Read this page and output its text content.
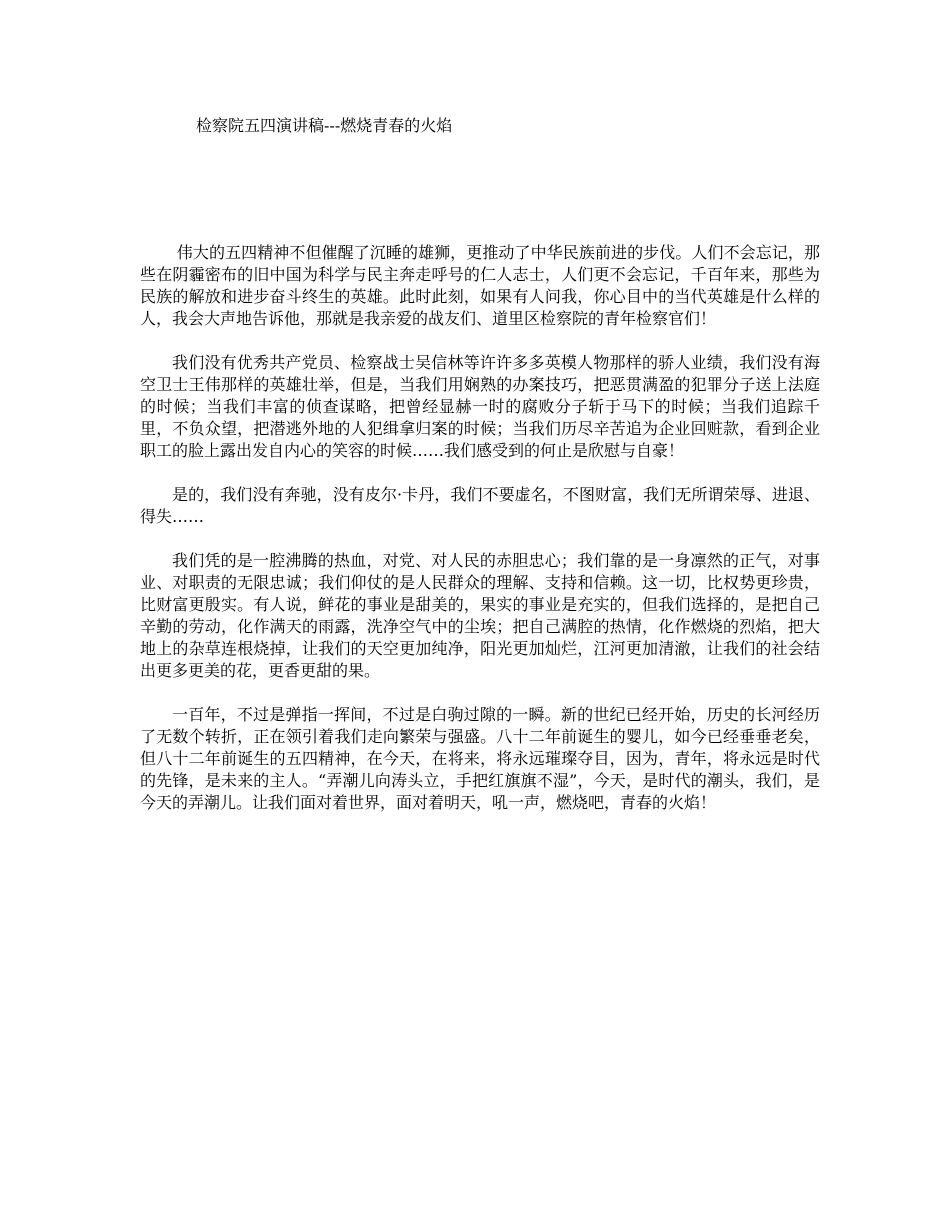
检察院五四演讲稿---燃烧青春的火焰

伟大的五四精神不但催醒了沉睡的雄狮，更推动了中华民族前进的步伐。人们不会忘记，那些在阴霾密布的旧中国为科学与民主奔走呼号的仁人志士，人们更不会忘记，千百年来，那些为民族的解放和进步奋斗终生的英雄。此时此刻，如果有人问我，你心目中的当代英雄是什么样的人，我会大声地告诉他，那就是我亲爱的战友们、道里区检察院的青年检察官们！

我们没有优秀共产党员、检察战士吴信林等许许多多英模人物那样的骄人业绩，我们没有海空卫士王伟那样的英雄壮举，但是，当我们用娴熟的办案技巧，把恶贯满盈的犯罪分子送上法庭的时候；当我们丰富的侦查谋略，把曾经显赫一时的腐败分子斩于马下的时候；当我们追踪千里，不负众望，把潜逃外地的人犯缉拿归案的时候；当我们历尽辛苦追为企业回赃款，看到企业职工的脸上露出发自内心的笑容的时候……我们感受到的何止是欣慰与自豪！

是的，我们没有奔驰，没有皮尔·卡丹，我们不要虚名，不图财富，我们无所谓荣辱、进退、得失……

我们凭的是一腔沸腾的热血，对党、对人民的赤胆忠心；我们靠的是一身凛然的正气，对事业、对职责的无限忠诚；我们仰仗的是人民群众的理解、支持和信赖。这一切，比权势更珍贵，比财富更殷实。有人说，鲜花的事业是甜美的，果实的事业是充实的，但我们选择的，是把自己辛勤的劳动，化作满天的雨露，洗净空气中的尘埃；把自己满腔的热情，化作燃烧的烈焰，把大地上的杂草连根烧掉，让我们的天空更加纯净，阳光更加灿烂，江河更加清澈，让我们的社会结出更多更美的花，更香更甜的果。

一百年，不过是弹指一挥间，不过是白驹过隙的一瞬。新的世纪已经开始，历史的长河经历了无数个转折，正在领引着我们走向繁荣与强盛。八十二年前诞生的婴儿，如今已经垂垂老矣，但八十二年前诞生的五四精神，在今天，在将来，将永远璀璨夺目，因为，青年，将永远是时代的先锋，是未来的主人。“弄潮儿向涛头立，手把红旗旗不湿”，今天，是时代的潮头，我们，是今天的弄潮儿。让我们面对着世界，面对着明天，吼一声，燃烧吧，青春的火焰！
